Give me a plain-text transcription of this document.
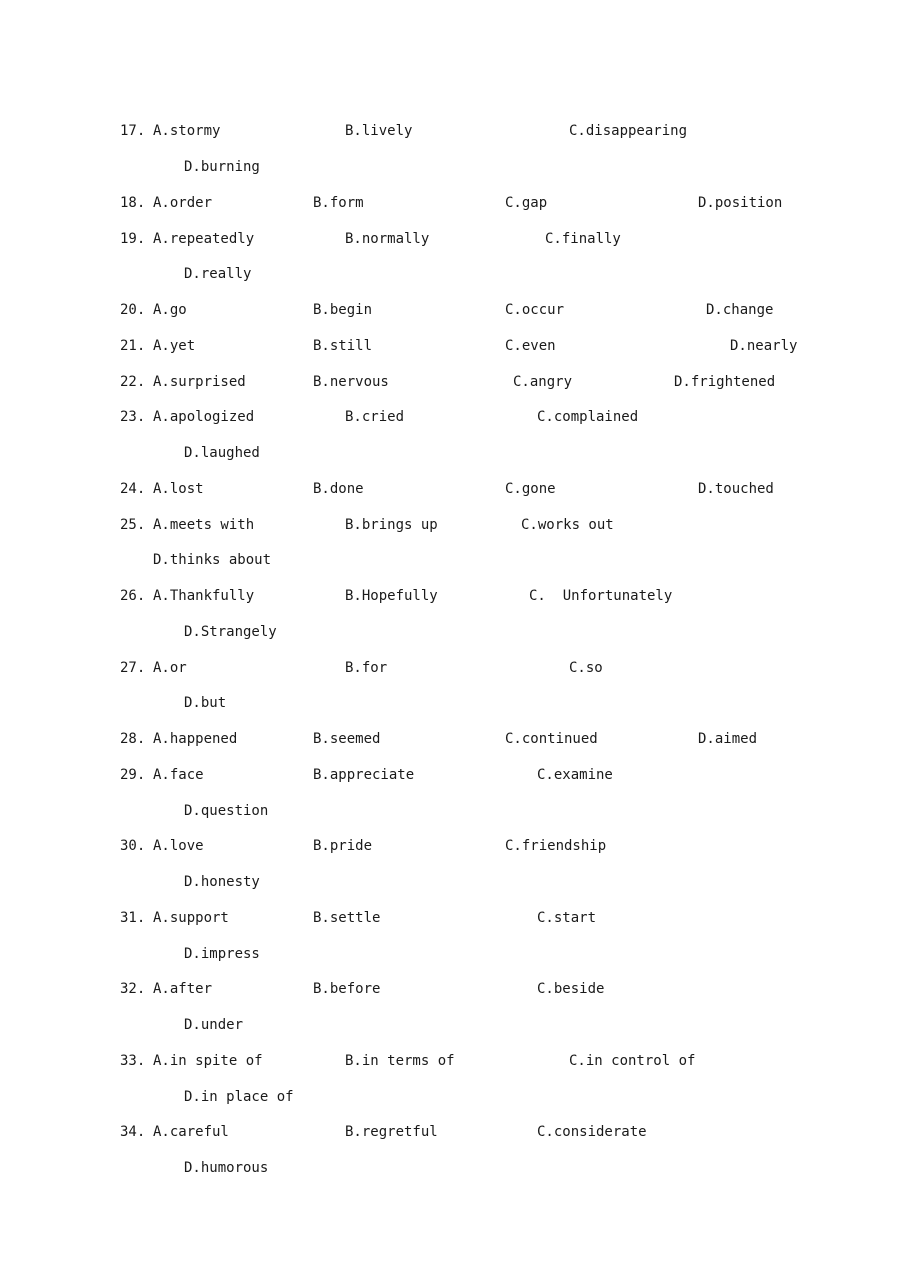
17.

A.stormy

	B.lively

	C.disappearing

D.burning

18.

A.order

	B.form

	C.gap

	D.position

19.

A.repeatedly

	B.normally

	C.finally

D.really

20.

A.go

	B.begin

	C.occur

	D.change

21.

A.yet

	B.still

	C.even

	D.nearly

22.

A.surprised

	B.nervous

	C.angry

	D.frightened

23.

A.apologized

	B.cried

	C.complained

D.laughed

24.

A.lost

	B.done

	C.gone

	D.touched

25.

A.meets with

	B.brings up

	C.works out

D.thinks about

26.

A.Thankfully

	B.Hopefully

	C.  Unfortunately

D.Strangely

27.

A.or

	B.for

	C.so

D.but

28.

A.happened

	B.seemed

	C.continued

	D.aimed

29.

A.face

	B.appreciate

	C.examine

D.question

30.

A.love

	B.pride

	C.friendship

D.honesty

31.

A.support

	B.settle

	C.start

D.impress

32.

A.after

	B.before

	C.beside

D.under

33.

A.in spite of

	B.in terms of

	C.in control of

D.in place of

34.

A.careful

	B.regretful

	C.considerate

D.humorous
